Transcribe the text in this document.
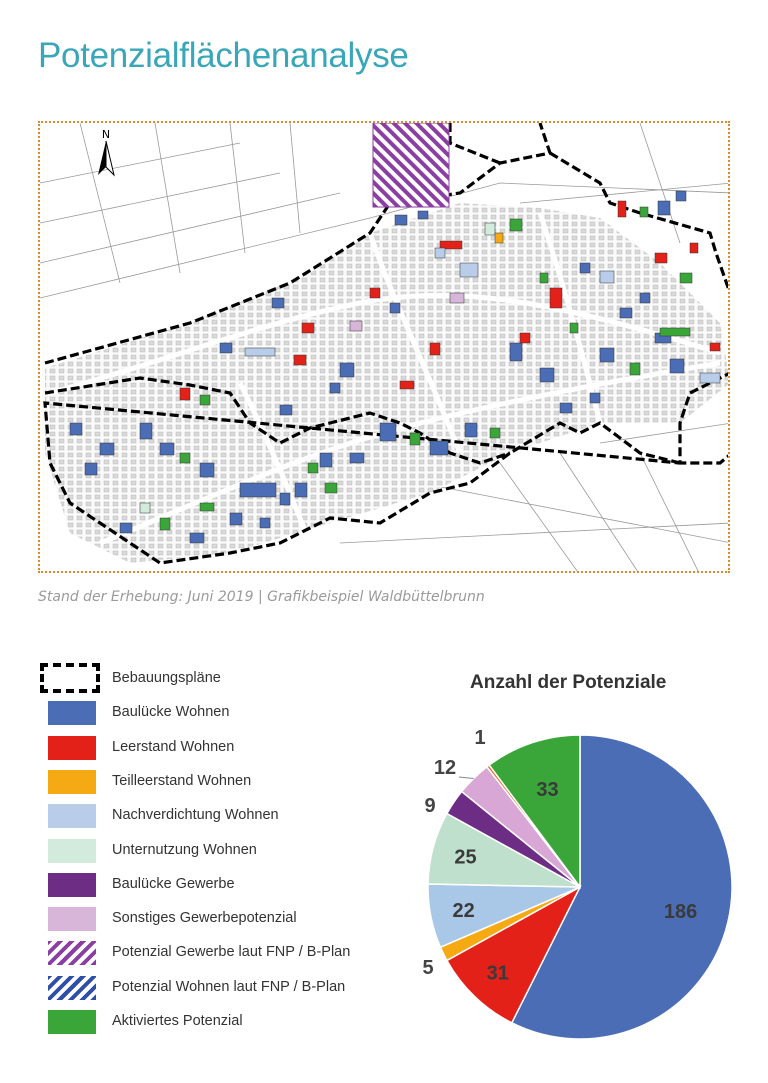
Potenzialflächenanalyse
N
Stand der Erhebung: Juni 2019 | Grafikbeispiel Waldbüttelbrunn
Bebauungspläne
Baulücke Wohnen
Leerstand Wohnen
Teilleerstand Wohnen
Nachverdichtung Wohnen
Unternutzung Wohnen
Baulücke Gewerbe
Sonstiges Gewerbepotenzial
Potenzial Gewerbe laut FNP / B-Plan
Potenzial Wohnen laut FNP / B-Plan
Aktiviertes Potenzial
Anzahl der Potenziale
186
31
5
22
25
9
12
1
33
